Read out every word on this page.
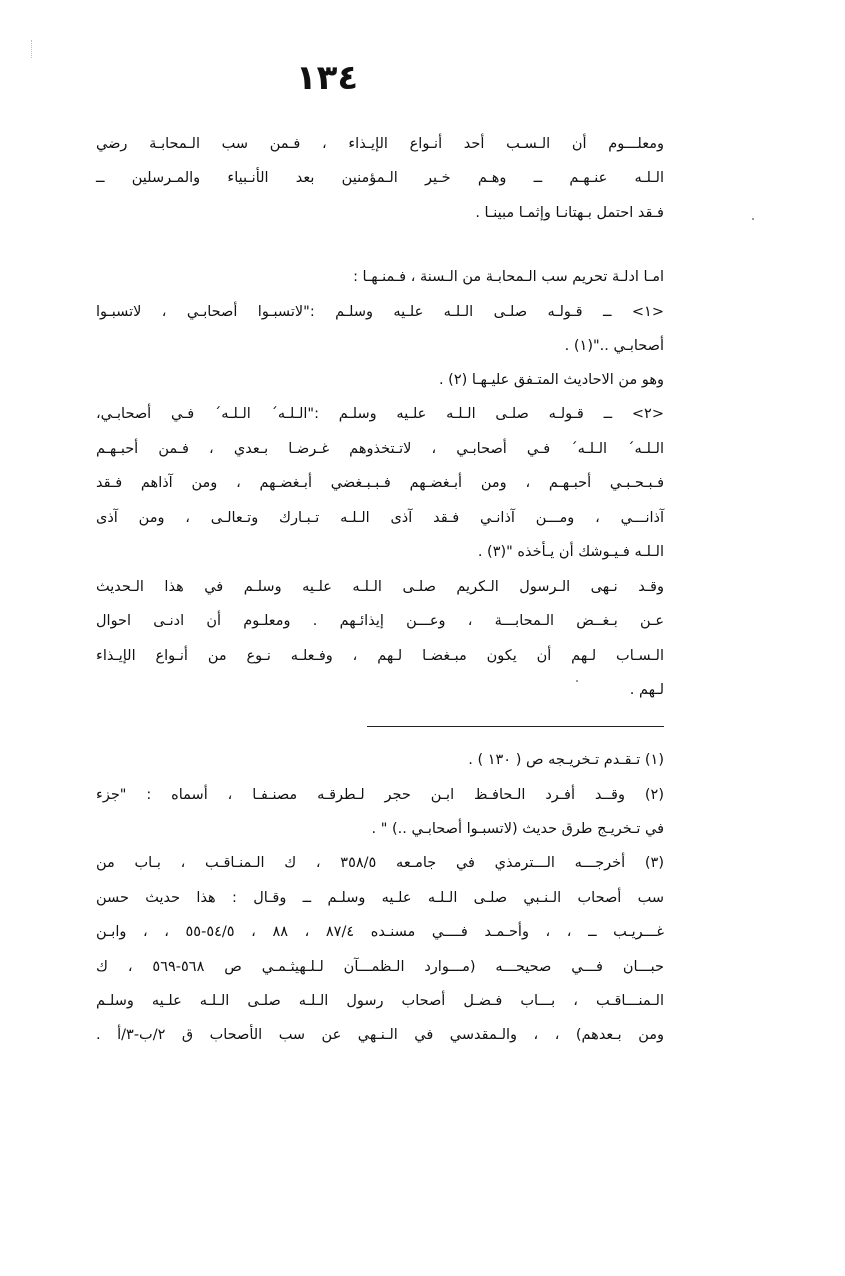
١٣٤
ومعلـــوم أن الـسـب أحد أنـواع الإيـذاء ، فـمن سب الـمحابـة رضي
الـلـه عنـهـم ــ وهـم خـير الـمؤمنين بعد الأنـبياء والمـرسلين ــ
فـقد احتمل بـهتانـا وإثمـا مبينـا .
امـا ادلـة تحريم سب الـمحابـة من الـسنة ، فـمنـهـا :
<١> ــ قـولـه صلـى الـلـه علـيه وسلـم :"لاتسبـوا أصحابـي ، لاتسبـوا
أصحابـي .."(١) .
وهو من الاحاديث المتـفق عليـهـا (٢) .
<٢> ــ قـولـه صلـى الـلـه علـيه وسلـم :"الـلـه´ الـلـه´ فـي أصحابـي،
الـلـه´ الـلـه´ فـي أصحابـي ، لاتـتخذوهم غـرضـا بـعدي ، فـمن أحبـهـم
فـبـحـبـي أحبـهـم ، ومن أبـغضـهم فـبـبـغضي أبـغضـهم ، ومن آذاهم فـقد
آذانـــي ، ومـــن آذانـي فـقد آذى الـلـه تـبـارك وتـعالـى ، ومن آذى
الـلـه فـيـوشك أن يـأخذه "(٣) .
وقـد نـهى الـرسول الـكريم صلـى الـلـه علـيه وسلـم في هذا الـحديث
عـن بـغــض الـمحابـــة ، وعـــن إيذائـهم . ومعلـوم أن ادنـى احوال
الـسـاب لـهم أن يكون مبـغضـا لـهم ، وفـعلـه نـوع من أنـواع الإيـذاء
لـهم .
(١) تـقـدم تـخريـجه ص ( ١٣٠ ) .
(٢) وقــد أفـرد الـحافـظ ابـن حجر لـطرقـه مصنـفـا ، أسماه : "جزء
في تـخريـج طرق حديث (لاتسبـوا أصحابـي ..) " .
(٣) أخرجـــه الـــترمذي في جامـعه ٣٥٨/٥ ، ك الـمنـاقـب ، بـاب من
سب أصحاب الـنـبي صلـى الـلـه علـيه وسلـم ــ وقـال : هذا حديث حسن
غـــريـب ــ ، ، وأحـمـد فــــي مسنـده ٨٧/٤ ، ٨٨ ، ٥٤/٥-٥٥ ، ، وابـن
حبـــان فـــي صحيحـــه (مـــوارد الـظمـــآن لـلـهيثـمـي ص ٥٦٨-٥٦٩ ، ك
الـمنـــاقـب ، بـــاب فـضـل أصحاب رسول الـلـه صلـى الـلـه علـيه وسلـم
ومن بـعدهم) ، ، والـمقدسي في الـنـهي عن سب الأصحاب ق ٢/ب-٣/أ .
